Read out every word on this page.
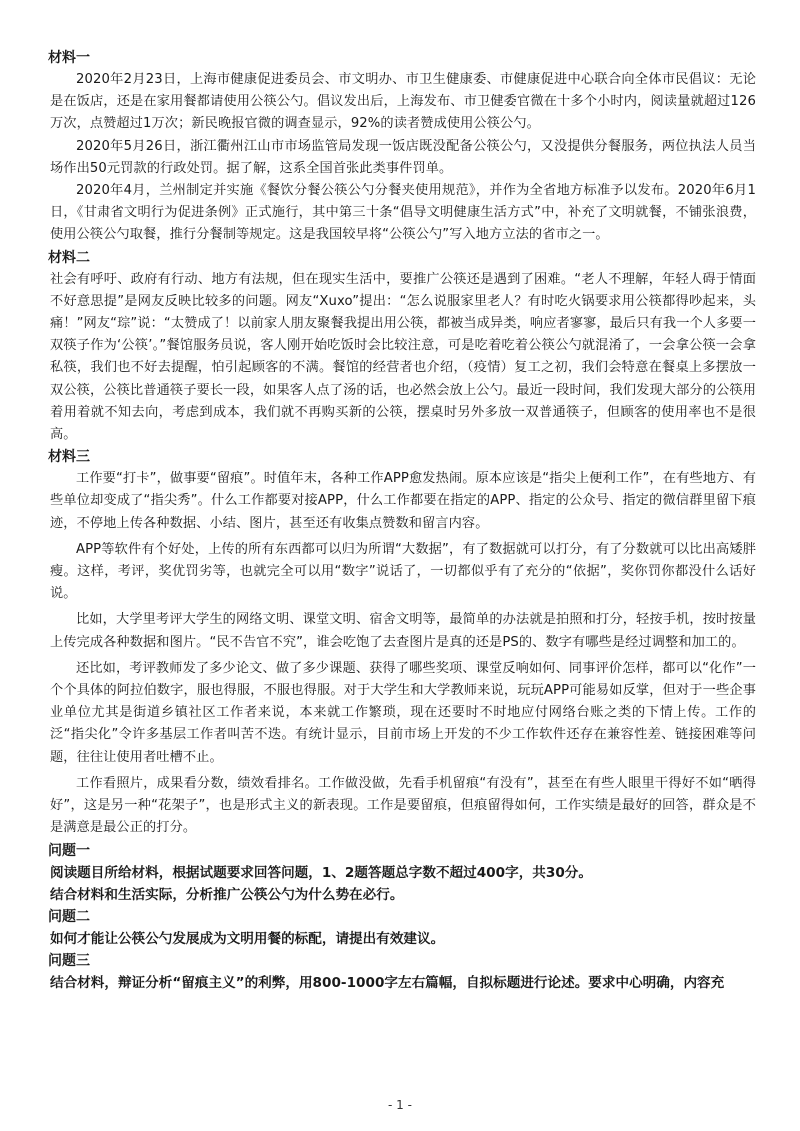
材料一

2020年2月23日，上海市健康促进委员会、市文明办、市卫生健康委、市健康促进中心联合向全体市民倡议：无论是在饭店，还是在家用餐都请使用公筷公勺。倡议发出后，上海发布、市卫健委官微在十多个小时内，阅读量就超过126万次，点赞超过1万次；新民晚报官微的调查显示，92%的读者赞成使用公筷公勺。

2020年5月26日，浙江衢州江山市市场监管局发现一饭店既没配备公筷公勺，又没提供分餐服务，两位执法人员当场作出50元罚款的行政处罚。据了解，这系全国首张此类事件罚单。

2020年4月，兰州制定并实施《餐饮分餐公筷公勺分餐夹使用规范》，并作为全省地方标准予以发布。2020年6月1日，《甘肃省文明行为促进条例》正式施行，其中第三十条“倡导文明健康生活方式”中，补充了文明就餐，不铺张浪费，使用公筷公勺取餐，推行分餐制等规定。这是我国较早将“公筷公勺”写入地方立法的省市之一。

材料二

社会有呼吁、政府有行动、地方有法规，但在现实生活中，要推广公筷还是遇到了困难。“老人不理解，年轻人碍于情面不好意思提”是网友反映比较多的问题。网友“Xuxo”提出：“怎么说服家里老人？有时吃火锅要求用公筷都得吵起来，头痛！”网友“琮”说：“太赞成了！以前家人朋友聚餐我提出用公筷，都被当成异类，响应者寥寥，最后只有我一个人多要一双筷子作为‘公筷’。”餐馆服务员说，客人刚开始吃饭时会比较注意，可是吃着吃着公筷公勺就混淆了，一会拿公筷一会拿私筷，我们也不好去提醒，怕引起顾客的不满。餐馆的经营者也介绍，（疫情）复工之初，我们会特意在餐桌上多摆放一双公筷，公筷比普通筷子要长一段，如果客人点了汤的话，也必然会放上公勺。最近一段时间，我们发现大部分的公筷用着用着就不知去向，考虑到成本，我们就不再购买新的公筷，摆桌时另外多放一双普通筷子，但顾客的使用率也不是很高。

材料三

工作要“打卡”，做事要“留痕”。时值年末，各种工作APP愈发热闹。原本应该是“指尖上便利工作”，在有些地方、有些单位却变成了“指尖秀”。什么工作都要对接APP，什么工作都要在指定的APP、指定的公众号、指定的微信群里留下痕迹，不停地上传各种数据、小结、图片，甚至还有收集点赞数和留言内容。

APP等软件有个好处，上传的所有东西都可以归为所谓“大数据”，有了数据就可以打分，有了分数就可以比出高矮胖瘦。这样，考评，奖优罚劣等，也就完全可以用“数字”说话了，一切都似乎有了充分的“依据”，奖你罚你都没什么话好说。

比如，大学里考评大学生的网络文明、课堂文明、宿舍文明等，最简单的办法就是拍照和打分，轻按手机，按时按量上传完成各种数据和图片。“民不告官不究”，谁会吃饱了去查图片是真的还是PS的、数字有哪些是经过调整和加工的。

还比如，考评教师发了多少论文、做了多少课题、获得了哪些奖项、课堂反响如何、同事评价怎样，都可以“化作”一个个具体的阿拉伯数字，服也得服，不服也得服。对于大学生和大学教师来说，玩玩APP可能易如反掌，但对于一些企事业单位尤其是街道乡镇社区工作者来说，本来就工作繁琐，现在还要时不时地应付网络台账之类的下情上传。工作的泛“指尖化”令许多基层工作者叫苦不迭。有统计显示，目前市场上开发的不少工作软件还存在兼容性差、链接困难等问题，往往让使用者吐槽不止。

工作看照片，成果看分数，绩效看排名。工作做没做，先看手机留痕“有没有”，甚至在有些人眼里干得好不如“晒得好”，这是另一种“花架子”，也是形式主义的新表现。工作是要留痕，但痕留得如何，工作实绩是最好的回答，群众是不是满意是最公正的打分。

问题一

阅读题目所给材料，根据试题要求回答问题，1、2题答题总字数不超过400字，共30分。

结合材料和生活实际，分析推广公筷公勺为什么势在必行。

问题二

如何才能让公筷公勺发展成为文明用餐的标配，请提出有效建议。

问题三

结合材料，辩证分析“留痕主义”的利弊，用800-1000字左右篇幅，自拟标题进行论述。要求中心明确，内容充

- 1 -
